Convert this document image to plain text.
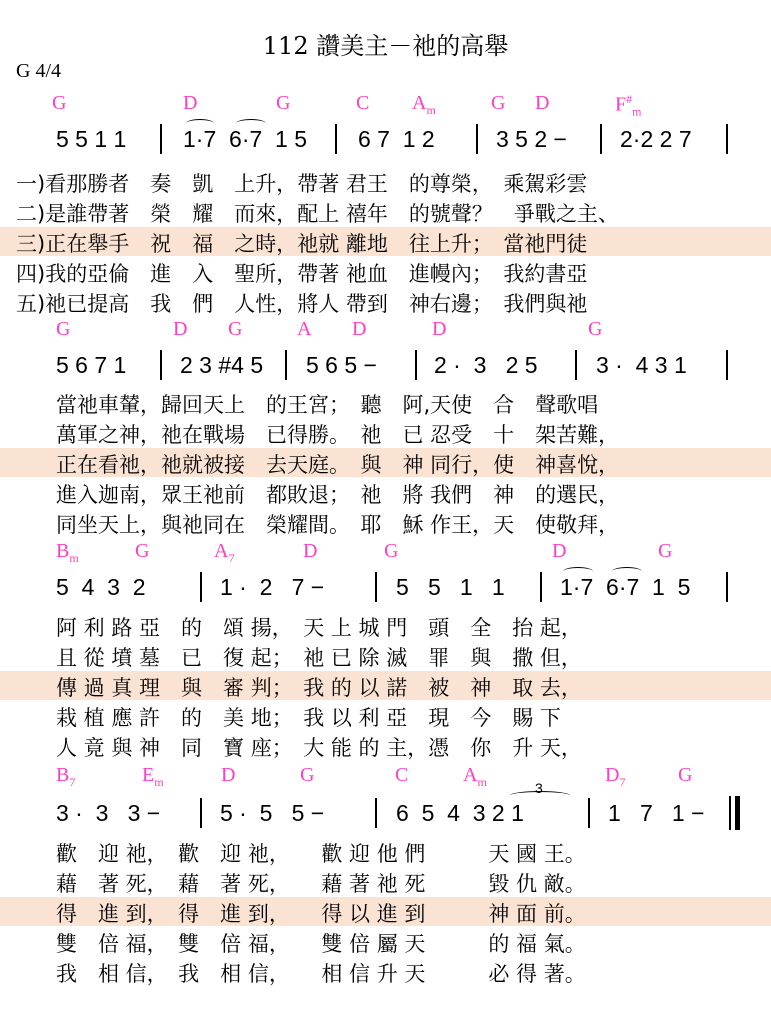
112 讚美主－祂的高舉
G 4/4
G	D	G	C $A_m$	G D	$F^{\#}_m$
5 5 1 1 1·7  6·7  1 5 6 7  1 2	3 5 2 − 2·2 2 7
一)看那勝者　奏　凱　上升，帶著 君王　的尊榮，　乘駕彩雲
二)是誰帶著　榮　耀　而來，配上 禧年　的號聲？　爭戰之主、
三)正在舉手　祝　福　之時，祂就 離地　往上升；　當祂門徒
四)我的亞倫　進　入　聖所，帶著 祂血　進幔內；　我約書亞
五)祂已提高　我　們　人性，將人 帶到　神右邊；　我們與祂
G	D G	A D	D	G
5 6 7 1 2 3 #4 5 5 6 5 − 2 ·  3   2 5	3 ·  4 3 1
當祂車輦，歸回天上　的王宮；　聽　阿,天使　合　聲歌唱
萬軍之神，祂在戰場　已得勝。　祂　已 忍受　十　架苦難，
正在看祂，祂就被接　去天庭。　與　神 同行，使　神喜悅，
進入迦南，眾王祂前　都敗退；　祂　將 我們　神　的選民，
同坐天上，與祂同在　榮耀間。　耶　穌 作王，天　使敬拜，
$B_m$	G	$A_7$	D	G	D	G
5  4  3  2	1 ·  2   7 −	5   5   1   1 1·7  6·7  1  5
阿 利 路 亞　的　頌 揚，　天 上 城 門　頭　全　抬 起，
且 從 墳 墓　已　復 起；　祂 已 除 滅　罪　與　撒 但，
傳 過 真 理　與　審 判；　我 的 以 諾　被　神　取 去，
栽 植 應 許　的　美 地；　我 以 利 亞　現　今　賜 下
人 竟 與 神　同　寶 座；　大 能 的 主，憑　你　升 天，
$B_7$	$E_m$	D	G	C	$A_m$	$D_7$	G
3 ·  3   3 −	5 ·  5   5 −	6  5  4  3 2 1
3
1   7   1 −
歡　迎 祂，　歡　迎 祂，　　歡 迎 他 們　　　天 國 王。
藉　著 死，　藉　著 死，　　藉 著 祂 死　　　毀 仇 敵。
得　進 到，　得　進 到，　　得 以 進 到　　　神 面 前。
雙　倍 福，　雙　倍 福，　　雙 倍 屬 天　　　的 福 氣。
我　相 信，　我　相 信，　　相 信 升 天　　　必 得 著。
